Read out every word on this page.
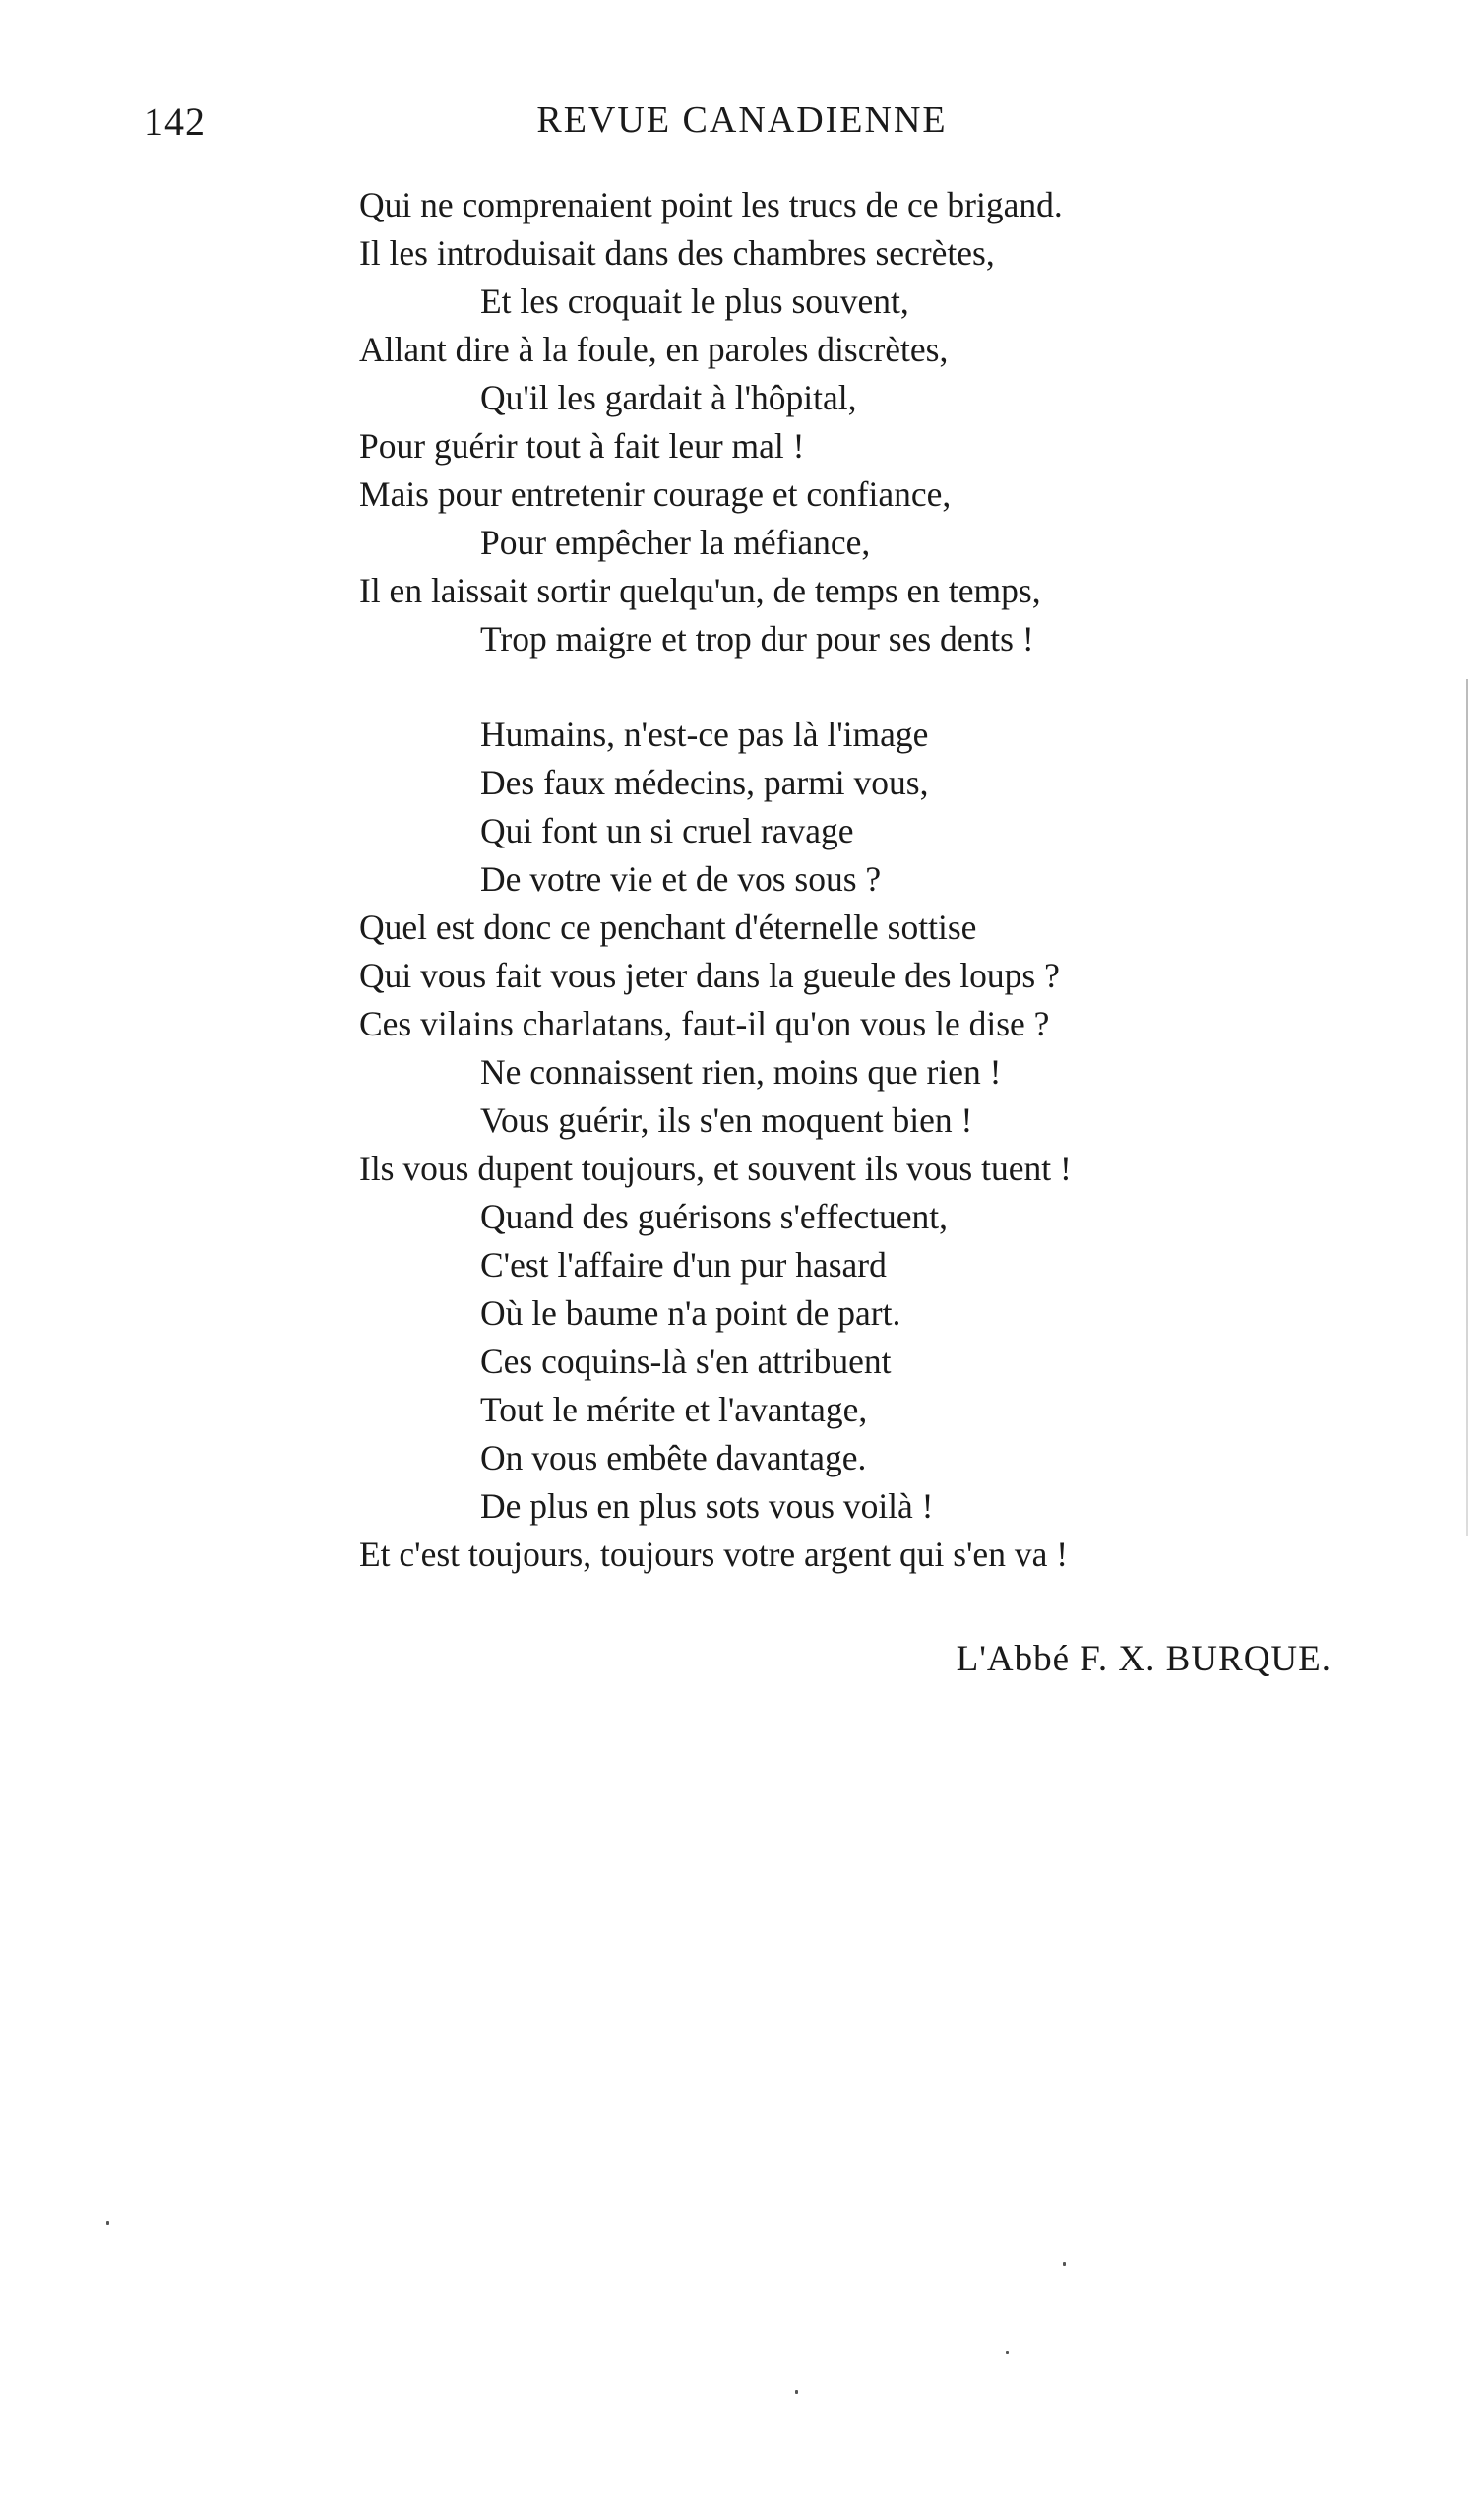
142	REVUE CANADIENNE
Qui ne comprenaient point les trucs de ce brigand.
Il les introduisait dans des chambres secrètes,
Et les croquait le plus souvent,
Allant dire à la foule, en paroles discrètes,
Qu'il les gardait à l'hôpital,
Pour guérir tout à fait leur mal !
Mais pour entretenir courage et confiance,
Pour empêcher la méfiance,
Il en laissait sortir quelqu'un, de temps en temps,
Trop maigre et trop dur pour ses dents !
Humains, n'est-ce pas là l'image
Des faux médecins, parmi vous,
Qui font un si cruel ravage
De votre vie et de vos sous ?
Quel est donc ce penchant d'éternelle sottise
Qui vous fait vous jeter dans la gueule des loups ?
Ces vilains charlatans, faut-il qu'on vous le dise ?
Ne connaissent rien, moins que rien !
Vous guérir, ils s'en moquent bien !
Ils vous dupent toujours, et souvent ils vous tuent !
Quand des guérisons s'effectuent,
C'est l'affaire d'un pur hasard
Où le baume n'a point de part.
Ces coquins-là s'en attribuent
Tout le mérite et l'avantage,
On vous embête davantage.
De plus en plus sots vous voilà !
Et c'est toujours, toujours votre argent qui s'en va !
L'Abbé F. X. BURQUE.
